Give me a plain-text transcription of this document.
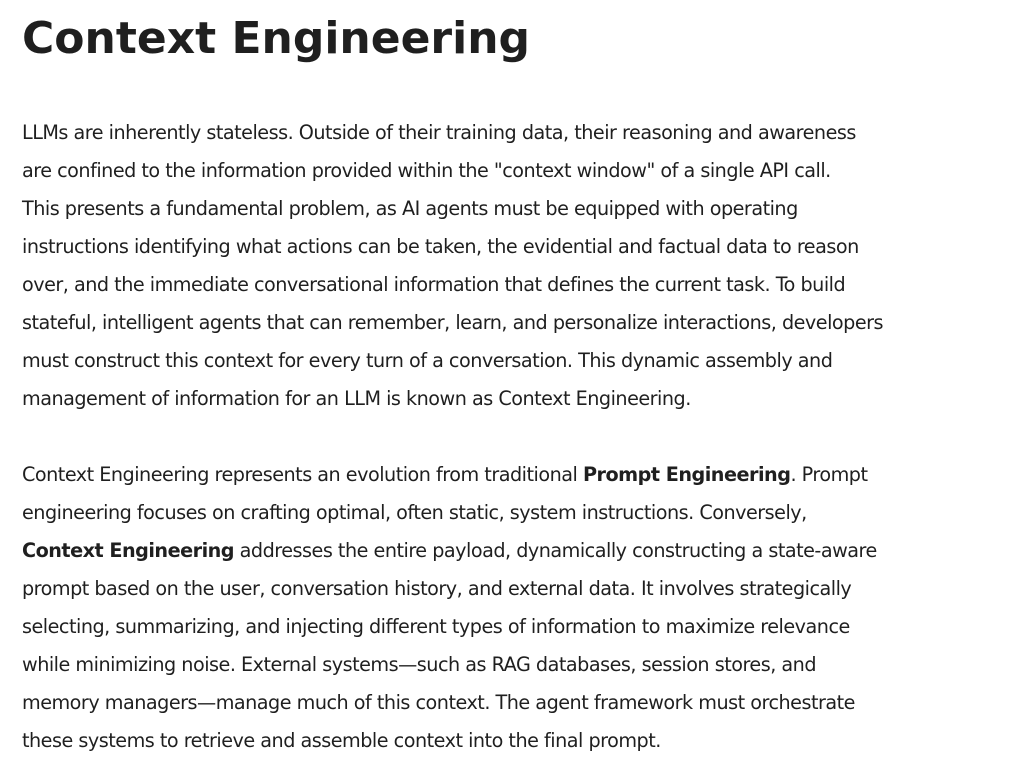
Context Engineering

LLMs are inherently stateless. Outside of their training data, their reasoning and awareness
are confined to the information provided within the "context window" of a single API call.
This presents a fundamental problem, as AI agents must be equipped with operating
instructions identifying what actions can be taken, the evidential and factual data to reason
over, and the immediate conversational information that defines the current task. To build
stateful, intelligent agents that can remember, learn, and personalize interactions, developers
must construct this context for every turn of a conversation. This dynamic assembly and
management of information for an LLM is known as Context Engineering.

Context Engineering represents an evolution from traditional Prompt Engineering. Prompt
engineering focuses on crafting optimal, often static, system instructions. Conversely,
Context Engineering addresses the entire payload, dynamically constructing a state-aware
prompt based on the user, conversation history, and external data. It involves strategically
selecting, summarizing, and injecting different types of information to maximize relevance
while minimizing noise. External systems—such as RAG databases, session stores, and
memory managers—manage much of this context. The agent framework must orchestrate
these systems to retrieve and assemble context into the final prompt.
